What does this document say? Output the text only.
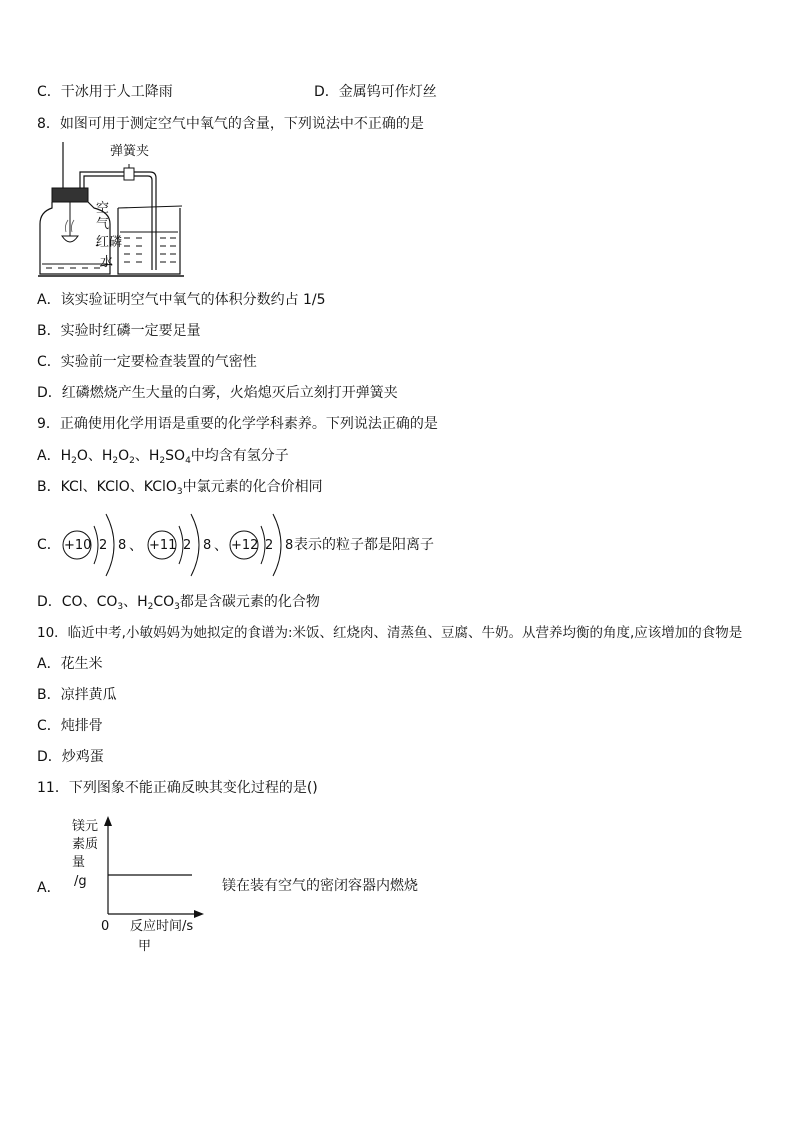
C．干冰用于人工降雨	D．金属钨可作灯丝
8．如图可用于测定空气中氧气的含量，下列说法中不正确的是
弹簧夹
空
气
红磷
水
A．该实验证明空气中氧气的体积分数约占 1/5
B．实验时红磷一定要足量
C．实验前一定要检查装置的气密性
D．红磷燃烧产生大量的白雾，火焰熄灭后立刻打开弹簧夹
9．正确使用化学用语是重要的化学学科素养。下列说法正确的是
A．$H_2O$、$H_2O_2$、$H_2SO_4$中均含有氢分子
B．KCl、KClO、KClO$_3$中氯元素的化合价相同
C． +10 2 8 、 +11 2 8 、 +12 2 8 表示的粒子都是阳离子
D．CO、$CO_3$、$H_2CO_3$都是含碳元素的化合物
10．临近中考,小敏妈妈为她拟定的食谱为:米饭、红烧肉、清蒸鱼、豆腐、牛奶。从营养均衡的角度,应该增加的食物是
A．花生米
B．凉拌黄瓜
C．炖排骨
D．炒鸡蛋
11．下列图象不能正确反映其变化过程的是()
A．
镁元
素质
量
/g
0 反应时间/s
甲
镁在装有空气的密闭容器内燃烧
